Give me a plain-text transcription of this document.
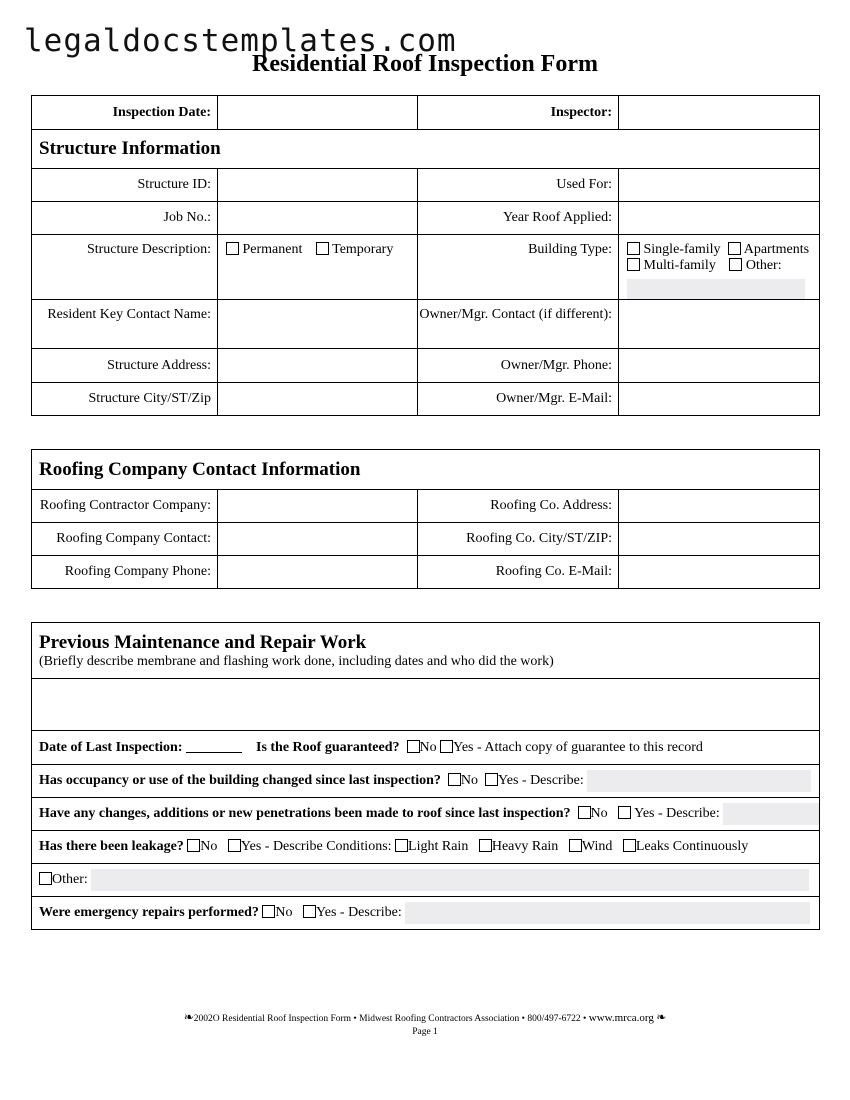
legaldocstemplates.com
Residential Roof Inspection Form
Inspection Date:		Inspector:	

Structure Information			

Structure ID:		Used For:	

Job No.:		Year Roof Applied:	

Structure Description:	Permanent Temporary	Building Type:	Single-family Apartments
Multi-family Other:

Resident Key Contact Name:		Owner/Mgr. Contact (if different):	

Structure Address:		Owner/Mgr. Phone:	

Structure City/ST/Zip		Owner/Mgr. E-Mail:	
Roofing Company Contact Information			

Roofing Contractor Company:		Roofing Co. Address:	

Roofing Company Contact:		Roofing Co. City/ST/ZIP:	

Roofing Company Phone:		Roofing Co. E-Mail:	
Previous Maintenance and Repair Work
(Briefly describe membrane and flashing work done, including dates and who did the work)

Date of Last Inspection:	Is the Roof guaranteed? No Yes - Attach copy of guarantee to this record

Has occupancy or use of the building changed since last inspection? No Yes - Describe:

Have any changes, additions or new penetrations been made to roof since last inspection? No Yes - Describe:

Has there been leakage? No Yes - Describe Conditions: Light Rain Heavy Rain Wind Leaks Continuously

Other:

Were emergency repairs performed? No Yes - Describe:
❧2002O Residential Roof Inspection Form • Midwest Roofing Contractors Association • 800/497-6722 • www.mrca.org ❧
Page 1
